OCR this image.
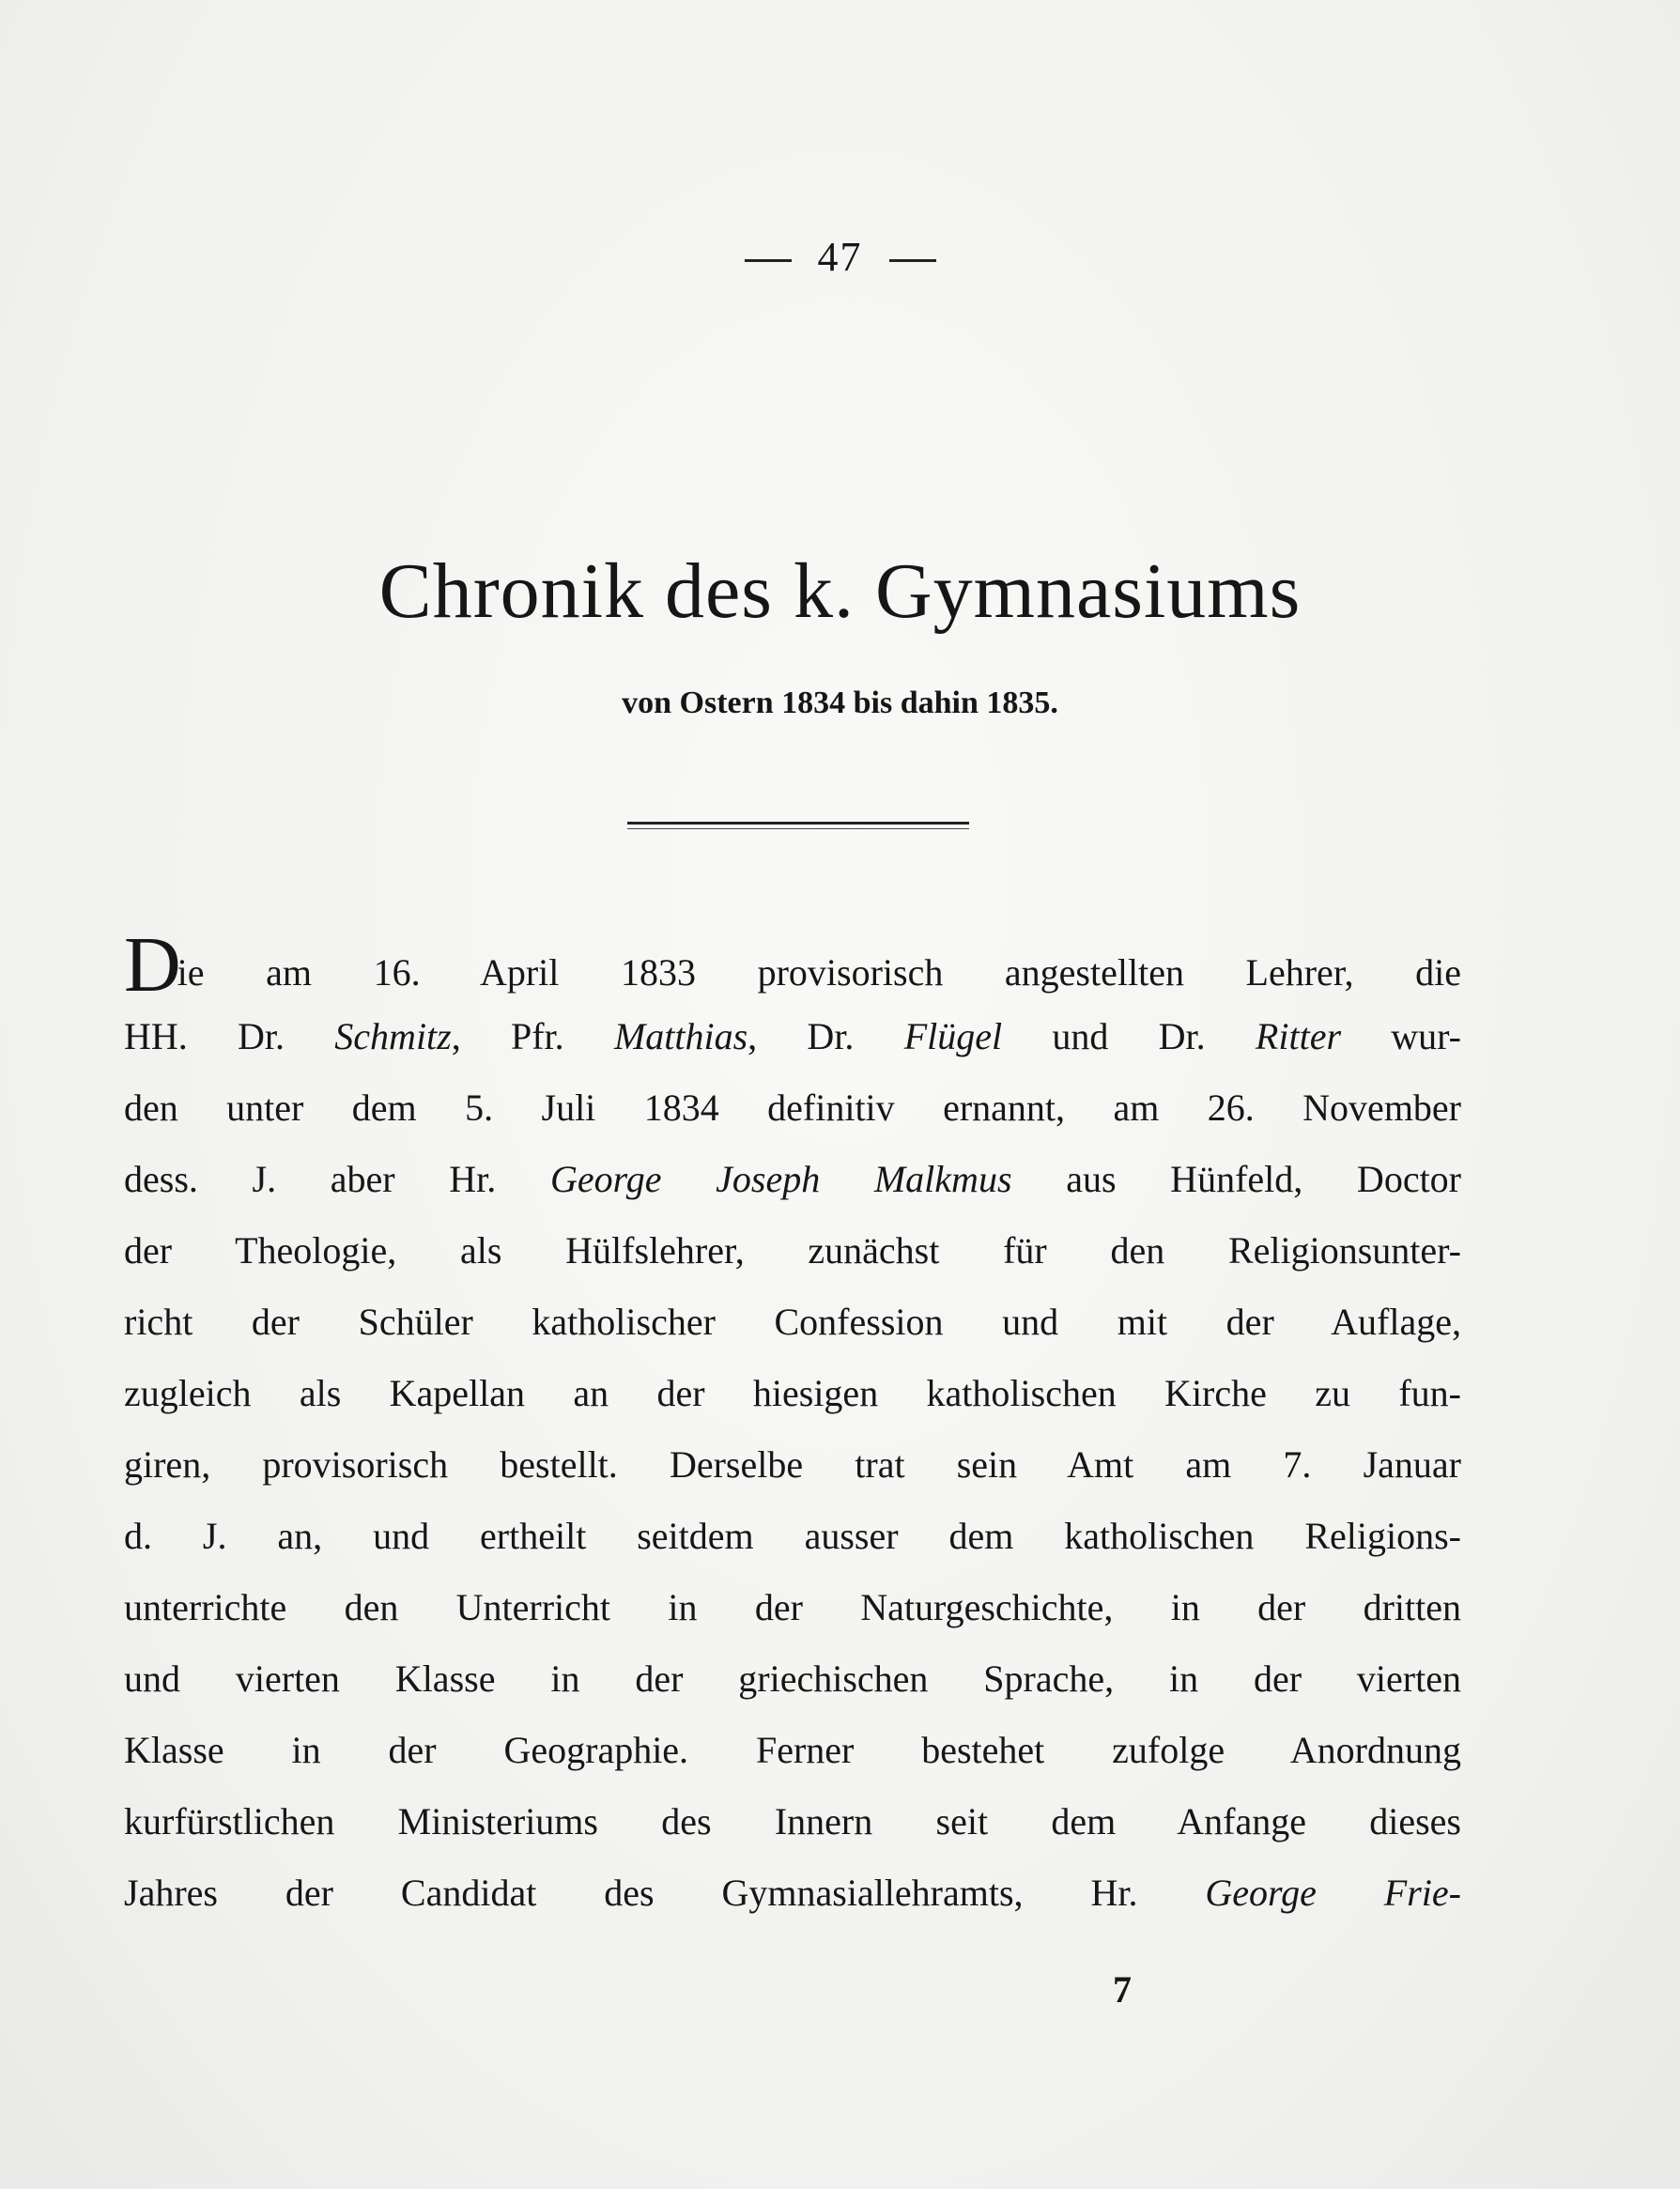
47
Chronik des k. Gymnasiums
von Ostern 1834 bis dahin 1835.
Die am 16. April 1833 provisorisch angestellten Lehrer, die
HH. Dr. Schmitz, Pfr. Matthias, Dr. Flügel und Dr. Ritter wur-
den unter dem 5. Juli 1834 definitiv ernannt, am 26. November
dess. J. aber Hr. George Joseph Malkmus aus Hünfeld, Doctor
der Theologie, als Hülfslehrer, zunächst für den Religionsunter-
richt der Schüler katholischer Confession und mit der Auflage,
zugleich als Kapellan an der hiesigen katholischen Kirche zu fun-
giren, provisorisch bestellt. Derselbe trat sein Amt am 7. Januar
d. J. an, und ertheilt seitdem ausser dem katholischen Religions-
unterrichte den Unterricht in der Naturgeschichte, in der dritten
und vierten Klasse in der griechischen Sprache, in der vierten
Klasse in der Geographie. Ferner bestehet zufolge Anordnung
kurfürstlichen Ministeriums des Innern seit dem Anfange dieses
Jahres der Candidat des Gymnasiallehramts, Hr. George Frie-
7
